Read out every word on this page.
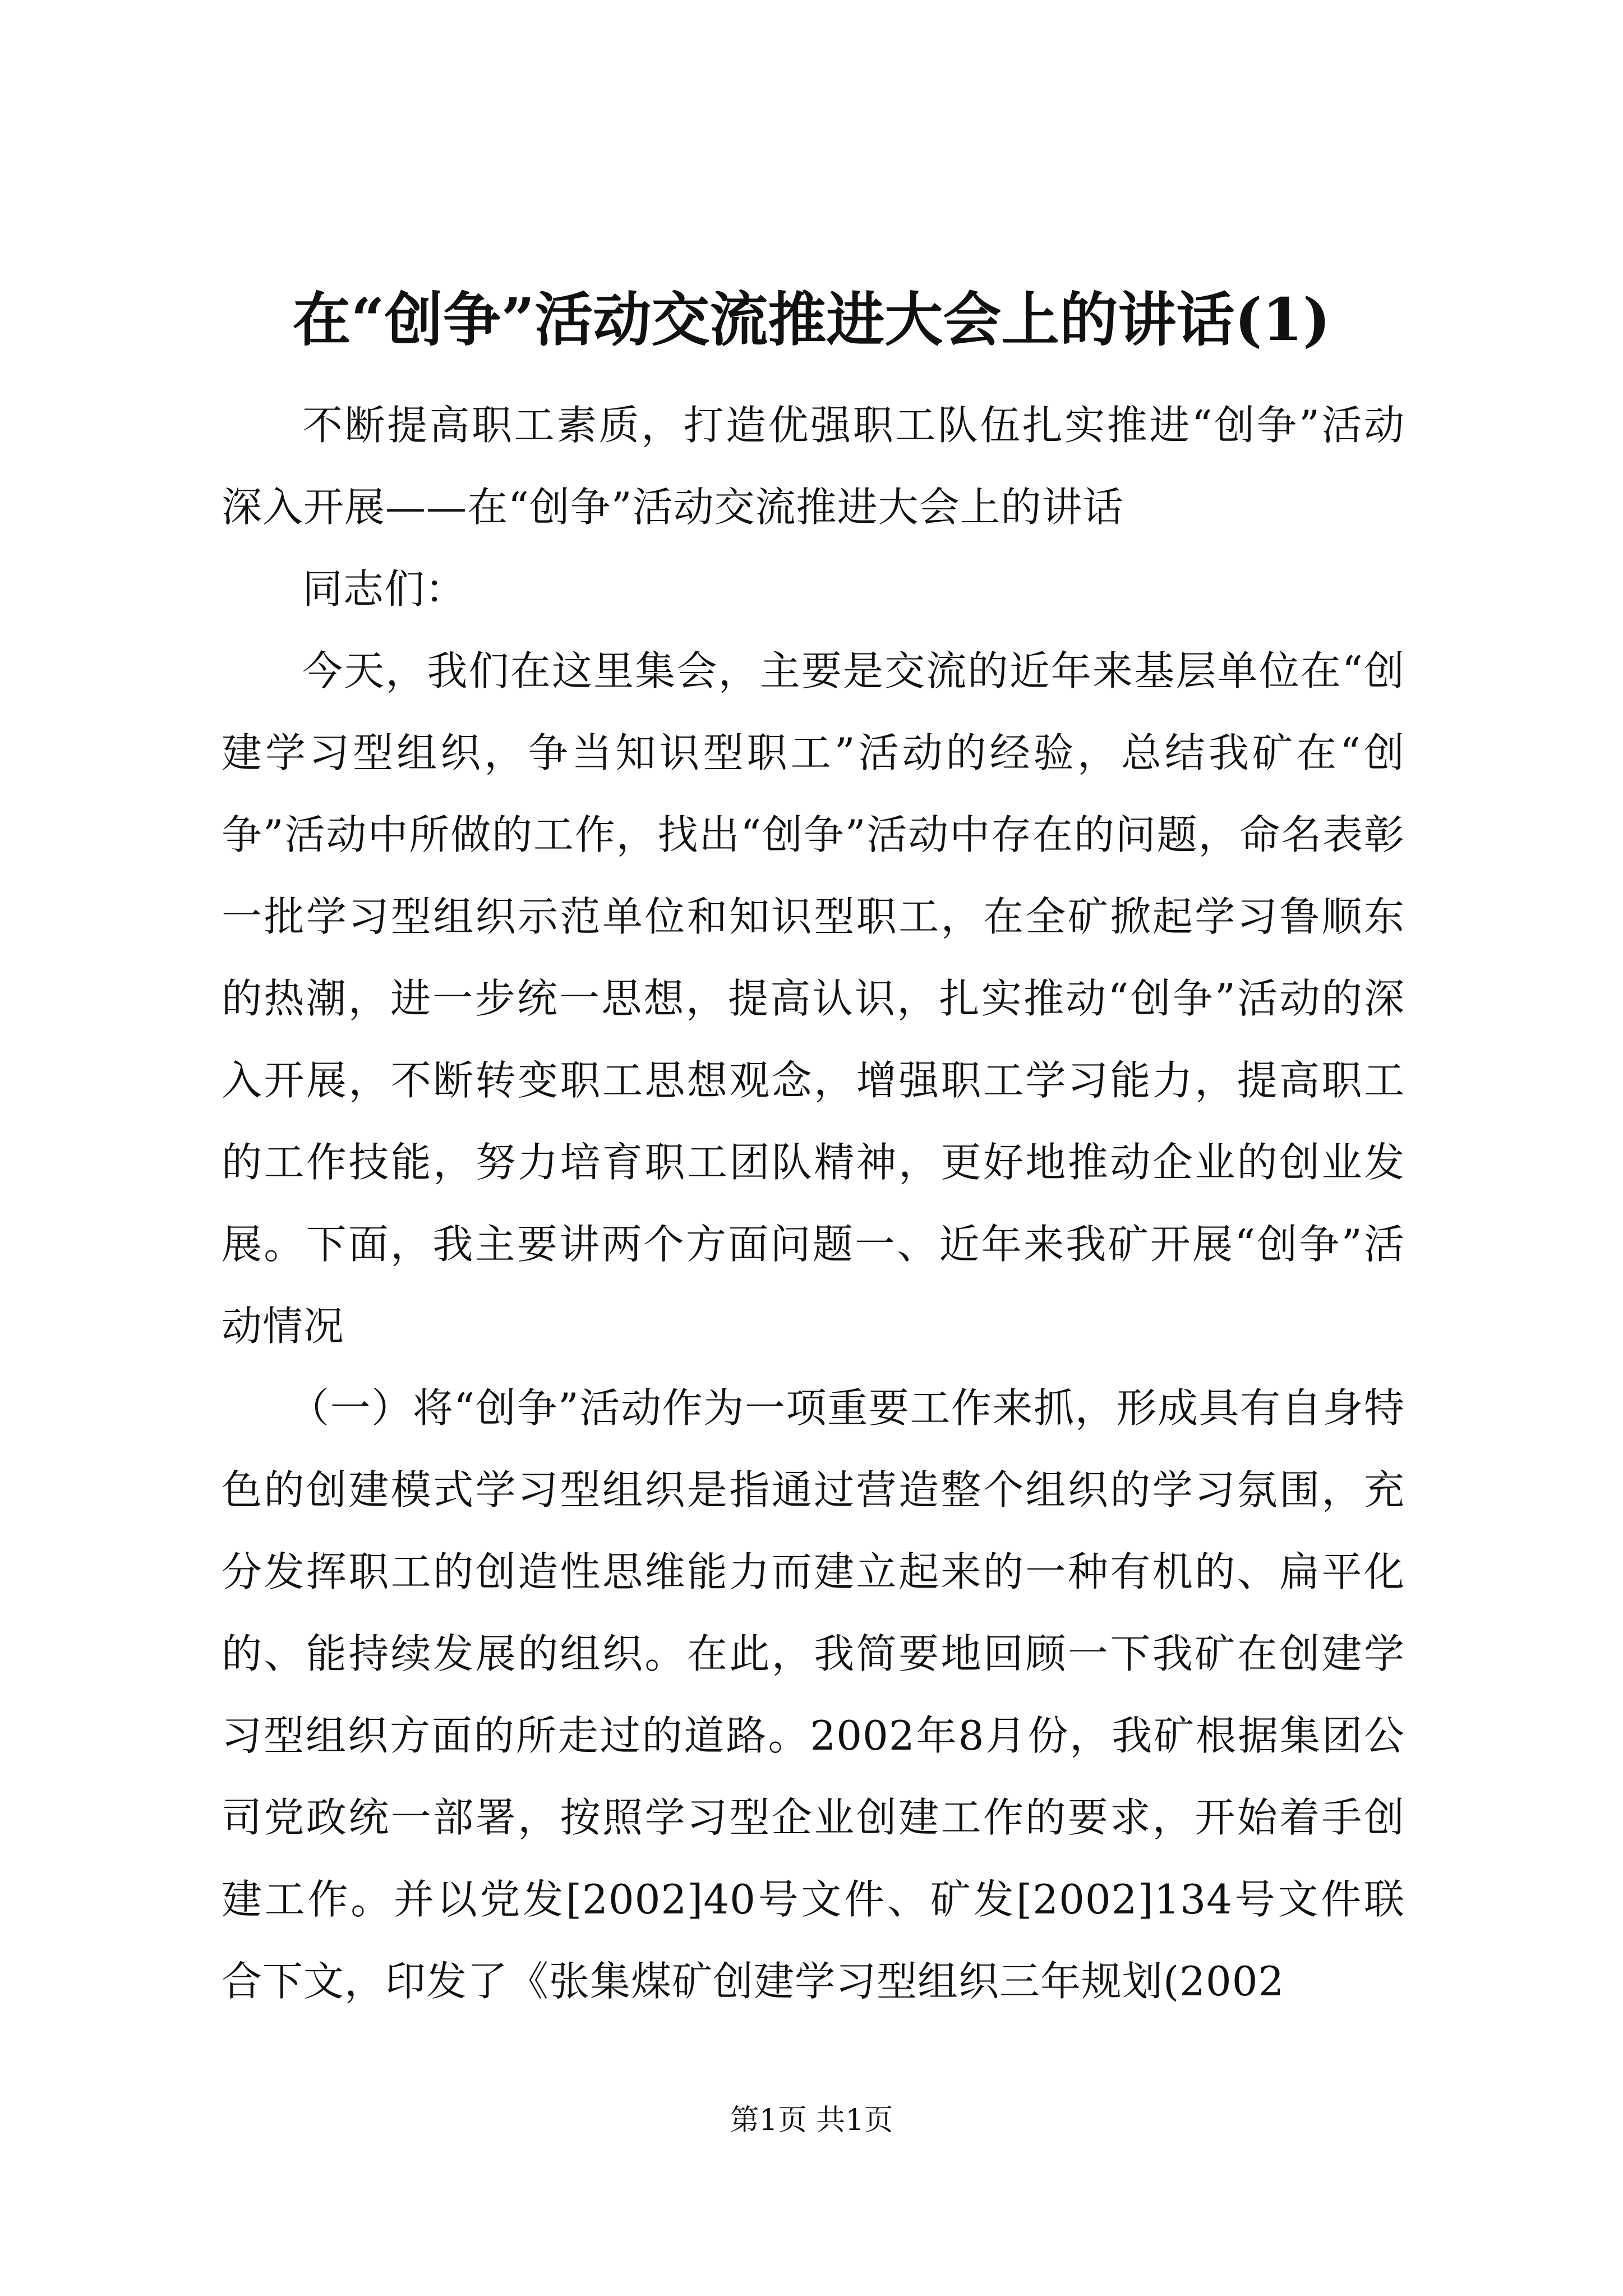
在“创争”活动交流推进大会上的讲话(1)

不断提高职工素质，打造优强职工队伍扎实推进“创争”活动深入开展——在“创争”活动交流推进大会上的讲话

同志们：

今天，我们在这里集会，主要是交流的近年来基层单位在“创建学习型组织，争当知识型职工”活动的经验，总结我矿在“创争”活动中所做的工作，找出“创争”活动中存在的问题，命名表彰一批学习型组织示范单位和知识型职工，在全矿掀起学习鲁顺东的热潮，进一步统一思想，提高认识，扎实推动“创争”活动的深入开展，不断转变职工思想观念，增强职工学习能力，提高职工的工作技能，努力培育职工团队精神，更好地推动企业的创业发展。下面，我主要讲两个方面问题一、近年来我矿开展“创争”活动情况

（一）将“创争”活动作为一项重要工作来抓，形成具有自身特色的创建模式学习型组织是指通过营造整个组织的学习氛围，充分发挥职工的创造性思维能力而建立起来的一种有机的、扁平化的、能持续发展的组织。在此，我简要地回顾一下我矿在创建学习型组织方面的所走过的道路。2002年8月份，我矿根据集团公司党政统一部署，按照学习型企业创建工作的要求，开始着手创建工作。并以党发[2002]40号文件、矿发[2002]134号文件联合下文，印发了《张集煤矿创建学习型组织三年规划(2002

第1页 共1页
